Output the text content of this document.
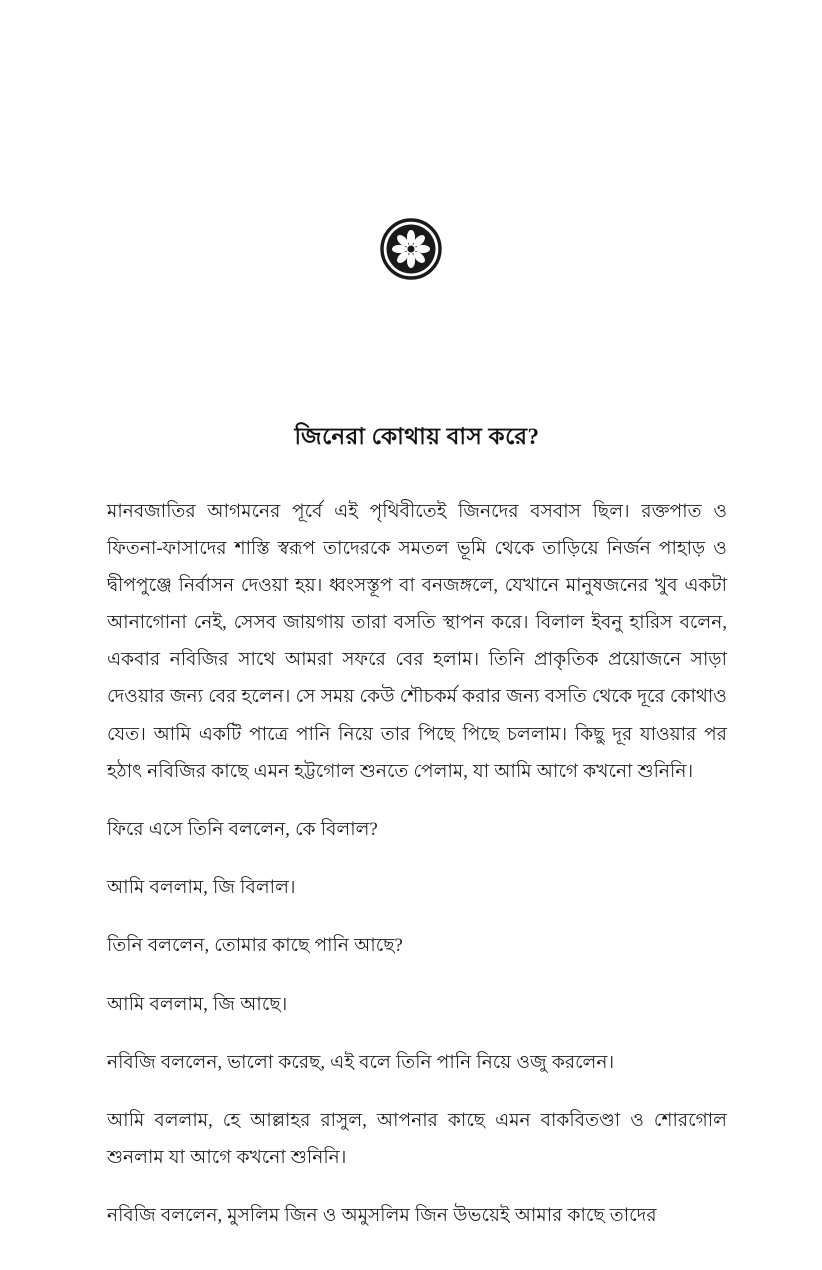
জিনেরা কোথায় বাস করে?

মানবজাতির আগমনের পূর্বে এই পৃথিবীতেই জিনদের বসবাস ছিল। রক্তপাত ও ফিতনা-ফাসাদের শাস্তি স্বরূপ তাদেরকে সমতল ভূমি থেকে তাড়িয়ে নির্জন পাহাড় ও দ্বীপপুঞ্জে নির্বাসন দেওয়া হয়। ধ্বংসস্তূপ বা বনজঙ্গলে, যেখানে মানুষজনের খুব একটা আনাগোনা নেই, সেসব জায়গায় তারা বসতি স্থাপন করে। বিলাল ইবনু হারিস বলেন, একবার নবিজির সাথে আমরা সফরে বের হলাম। তিনি প্রাকৃতিক প্রয়োজনে সাড়া দেওয়ার জন্য বের হলেন। সে সময় কেউ শৌচকর্ম করার জন্য বসতি থেকে দূরে কোথাও যেত। আমি একটি পাত্রে পানি নিয়ে তার পিছে পিছে চললাম। কিছু দূর যাওয়ার পর হঠাৎ নবিজির কাছে এমন হট্টগোল শুনতে পেলাম, যা আমি আগে কখনো শুনিনি।

ফিরে এসে তিনি বললেন, কে বিলাল?

আমি বললাম, জি বিলাল।

তিনি বললেন, তোমার কাছে পানি আছে?

আমি বললাম, জি আছে।

নবিজি বললেন, ভালো করেছ, এই বলে তিনি পানি নিয়ে ওজু করলেন।

আমি বললাম, হে আল্লাহর রাসুল, আপনার কাছে এমন বাকবিতণ্ডা ও শোরগোল শুনলাম যা আগে কখনো শুনিনি।

নবিজি বললেন, মুসলিম জিন ও অমুসলিম জিন উভয়েই আমার কাছে তাদের
